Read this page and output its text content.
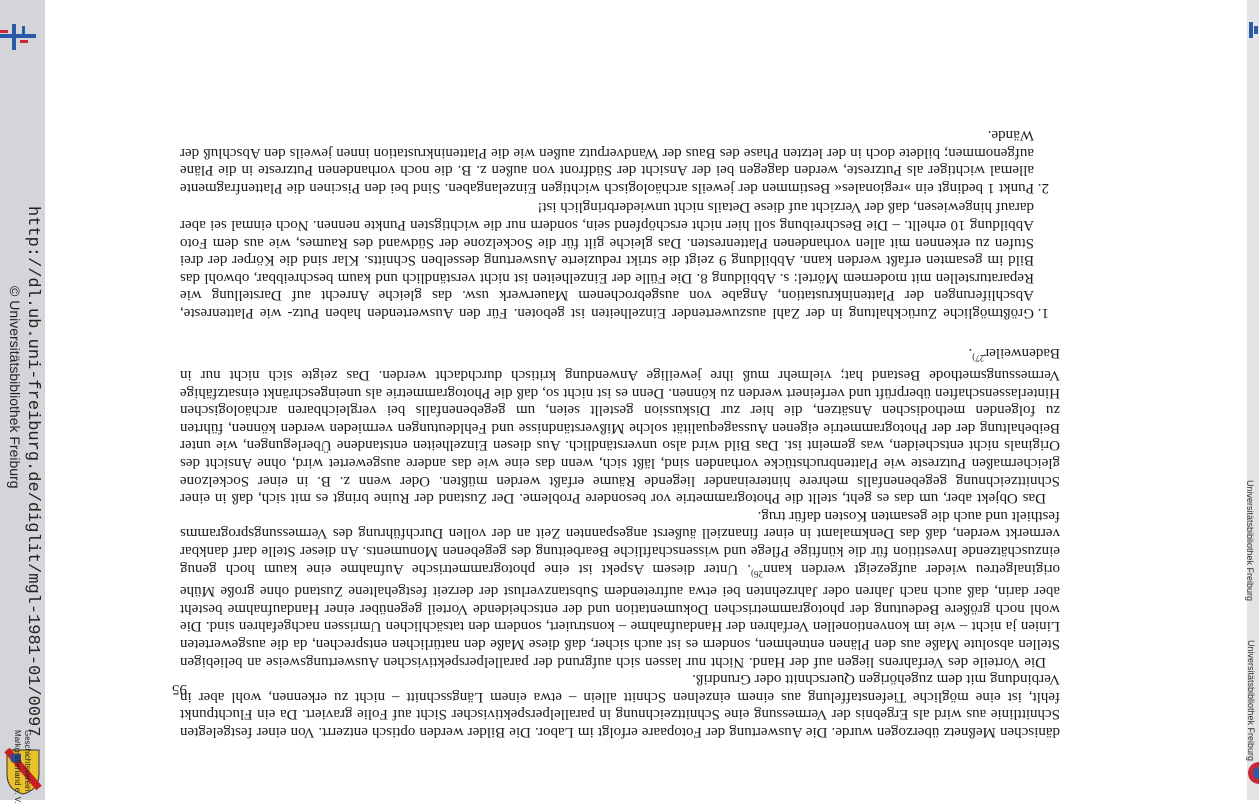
http://dl.ub.uni-freiburg.de/diglit/mgl-1981-01/0097
© Universitätsbibliothek Freiburg
Geschichtsverein Markgräflerland e. V.
Universitätsbibliothek Freiburg
Universitätsbibliothek Freiburg

dänischen Meßnetz überzogen wurde. Die Auswertung der Fotopaare erfolgt im Labor. Die Bilder werden optisch entzerrt. Von einer festgelegten Schnittlinie aus wird als Ergebnis der Vermessung eine Schnittzeichnung in parallelperspektivischer Sicht auf Folie graviert. Da ein Fluchtpunkt fehlt, ist eine mögliche Tiefenstaffelung aus einem einzelnen Schnitt allein – etwa einem Längsschnitt – nicht zu erkennen, wohl aber in Verbindung mit dem zugehörigen Querschnitt oder Grundriß.

Die Vorteile des Verfahrens liegen auf der Hand. Nicht nur lassen sich aufgrund der parallelperspektivischen Auswertungsweise an beliebigen Stellen absolute Maße aus den Plänen entnehmen, sondern es ist auch sicher, daß diese Maße den natürlichen entsprechen, da die ausgewerteten Linien ja nicht – wie im konventionellen Verfahren der Handaufnahme – konstruiert, sondern den tatsächlichen Umrissen nachgefahren sind. Die wohl noch größere Bedeutung der photogrammetrischen Dokumentation und der entscheidende Vorteil gegenüber einer Handaufnahme besteht aber darin, daß auch nach Jahren oder Jahrzehnten bei etwa auftretendem Substanzverlust der derzeit festgehaltene Zustand ohne große Mühe originalgetreu wieder aufgezeigt werden kann$^{26)}$. Unter diesem Aspekt ist eine photogrammetrische Aufnahme eine kaum hoch genug einzuschätzende Investition für die künftige Pflege und wissenschaftliche Bearbeitung des gegebenen Monuments. An dieser Stelle darf dankbar vermerkt werden, daß das Denkmalamt in einer finanziell äußerst angespannten Zeit an der vollen Durchführung des Vermessungsprogramms festhielt und auch die gesamten Kosten dafür trug.

Das Objekt aber, um das es geht, stellt die Photogrammetrie vor besondere Probleme. Der Zustand der Ruine bringt es mit sich, daß in einer Schnittzeichnung gegebenenfalls mehrere hintereinander liegende Räume erfaßt werden müßten. Oder wenn z. B. in einer Sockelzone gleichermaßen Putzreste wie Plattenbruchstücke vorhanden sind, läßt sich, wenn das eine wie das andere ausgewertet wird, ohne Ansicht des Originals nicht entscheiden, was gemeint ist. Das Bild wird also unverständlich. Aus diesen Einzelheiten entstandene Überlegungen, wie unter Beibehaltung der der Photogrammetrie eigenen Aussagequalität solche Mißverständnisse und Fehldeutungen vermieden werden können, führten zu folgenden methodischen Ansätzen, die hier zur Diskussion gestellt seien, um gegebenenfalls bei vergleichbaren archäologischen Hinterlassenschaften überprüft und verfeinert werden zu können. Denn es ist nicht so, daß die Photogrammetrie als uneingeschränkt einsatzfähige Vermessungsmethode Bestand hat; vielmehr muß ihre jeweilige Anwendung kritisch durchdacht werden. Das zeigte sich nicht nur in Badenweiler$^{27)}$.

1. Größtmögliche Zurückhaltung in der Zahl auszuwertender Einzelheiten ist geboten. Für den Auswertenden haben Putz- wie Plattenreste, Abschliferungen der Platteninkrustation, Angabe von ausgebrochenem Mauerwerk usw. das gleiche Anrecht auf Darstellung wie Reparaturstellen mit modernem Mörtel: s. Abbildung 8. Die Fülle der Einzelheiten ist nicht verständlich und kaum beschreibbar, obwohl das Bild im gesamten erfaßt werden kann. Abbildung 9 zeigt die strikt reduzierte Auswertung desselben Schnitts. Klar sind die Körper der drei Stufen zu erkennen mit allen vorhandenen Plattenresten. Das gleiche gilt für die Sockelzone der Südwand des Raumes, wie aus dem Foto Abbildung 10 erhellt. – Die Beschreibung soll hier nicht erschöpfend sein, sondern nur die wichtigsten Punkte nennen. Noch einmal sei aber darauf hingewiesen, daß der Verzicht auf diese Details nicht unwiederbringlich ist!
2. Punkt 1 bedingt ein »regionales« Bestimmen der jeweils archäologisch wichtigen Einzelangaben. Sind bei den Piscinen die Plattenfragmente allemal wichtiger als Putzreste, werden dagegen bei der Ansicht der Südfront von außen z. B. die noch vorhandenen Putzreste in die Pläne aufgenommen; bildete doch in der letzten Phase des Baus der Wandverputz außen wie die Platteninkrustation innen jeweils den Abschluß der Wände.
95
